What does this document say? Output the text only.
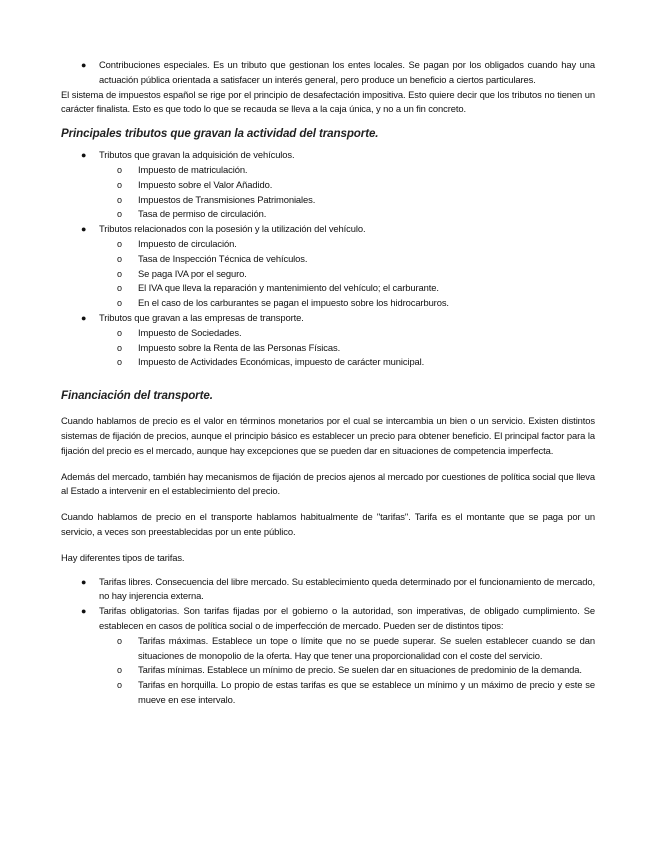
● Contribuciones especiales. Es un tributo que gestionan los entes locales. Se pagan por los obligados cuando hay una actuación pública orientada a satisfacer un interés general, pero produce un beneficio a ciertos particulares.

El sistema de impuestos español se rige por el principio de desafectación impositiva. Esto quiere decir que los tributos no tienen un carácter finalista. Esto es que todo lo que se recauda se lleva a la caja única, y no a un fin concreto.

Principales tributos que gravan la actividad del transporte.
● Tributos que gravan la adquisición de vehículos.
o Impuesto de matriculación.
o Impuesto sobre el Valor Añadido.
o Impuestos de Transmisiones Patrimoniales.
o Tasa de permiso de circulación.
● Tributos relacionados con la posesión y la utilización del vehículo.
o Impuesto de circulación.
o Tasa de Inspección Técnica de vehículos.
o Se paga IVA por el seguro.
o El IVA que lleva la reparación y mantenimiento del vehículo; el carburante.
o En el caso de los carburantes se pagan el impuesto sobre los hidrocarburos.
● Tributos que gravan a las empresas de transporte.
o Impuesto de Sociedades.
o Impuesto sobre la Renta de las Personas Físicas.
o Impuesto de Actividades Económicas, impuesto de carácter municipal.
Financiación del transporte.

Cuando hablamos de precio es el valor en términos monetarios por el cual se intercambia un bien o un servicio. Existen distintos sistemas de fijación de precios, aunque el principio básico es establecer un precio para obtener beneficio. El principal factor para la fijación del precio es el mercado, aunque hay excepciones que se pueden dar en situaciones de competencia imperfecta.

Además del mercado, también hay mecanismos de fijación de precios ajenos al mercado por cuestiones de política social que lleva al Estado a intervenir en el establecimiento del precio.

Cuando hablamos de precio en el transporte hablamos habitualmente de "tarifas". Tarifa es el montante que se paga por un servicio, a veces son preestablecidas por un ente público.

Hay diferentes tipos de tarifas.

● Tarifas libres. Consecuencia del libre mercado. Su establecimiento queda determinado por el funcionamiento de mercado, no hay injerencia externa.
● Tarifas obligatorias. Son tarifas fijadas por el gobierno o la autoridad, son imperativas, de obligado cumplimiento. Se establecen en casos de política social o de imperfección de mercado. Pueden ser de distintos tipos:
o Tarifas máximas. Establece un tope o límite que no se puede superar. Se suelen establecer cuando se dan situaciones de monopolio de la oferta. Hay que tener una proporcionalidad con el coste del servicio.
o Tarifas mínimas. Establece un mínimo de precio. Se suelen dar en situaciones de predominio de la demanda.
o Tarifas en horquilla. Lo propio de estas tarifas es que se establece un mínimo y un máximo de precio y este se mueve en ese intervalo.
